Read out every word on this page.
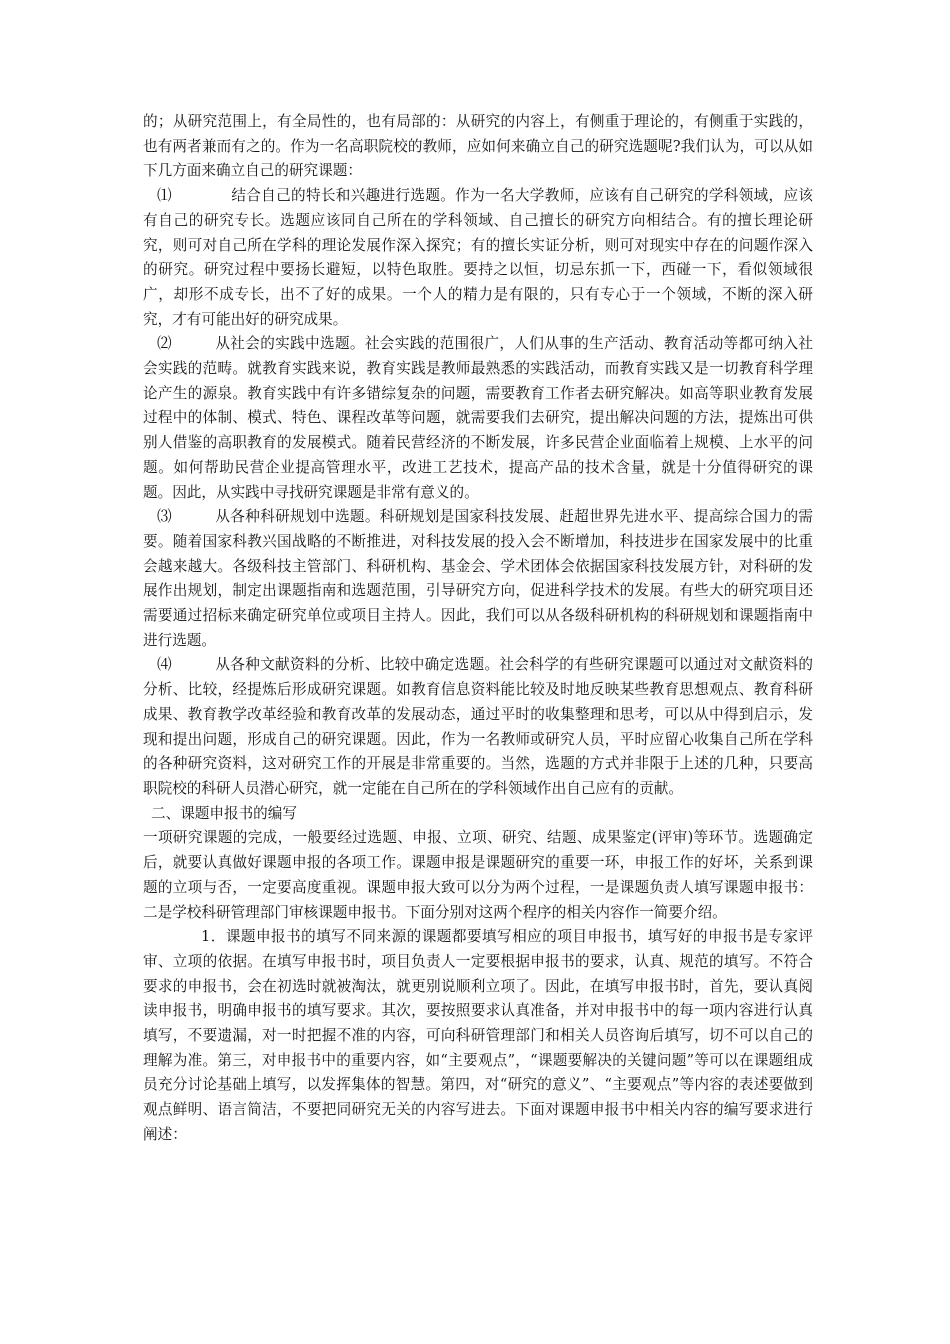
的；从研究范围上，有全局性的，也有局部的：从研究的内容上，有侧重于理论的，有侧重于实践的，也有两者兼而有之的。作为一名高职院校的教师，应如何来确立自己的研究选题呢?我们认为，可以从如下几方面来确立自己的研究课题：

⑴	结合自己的特长和兴趣进行选题。作为一名大学教师，应该有自己研究的学科领域，应该有自己的研究专长。选题应该同自己所在的学科领域、自己擅长的研究方向相结合。有的擅长理论研究，则可对自己所在学科的理论发展作深入探究；有的擅长实证分析，则可对现实中存在的问题作深入的研究。研究过程中要扬长避短，以特色取胜。要持之以恒，切忌东抓一下，西碰一下，看似领域很广，却形不成专长，出不了好的成果。一个人的精力是有限的，只有专心于一个领域，不断的深入研究，才有可能出好的研究成果。

⑵	从社会的实践中选题。社会实践的范围很广，人们从事的生产活动、教育活动等都可纳入社会实践的范畴。就教育实践来说，教育实践是教师最熟悉的实践活动，而教育实践又是一切教育科学理论产生的源泉。教育实践中有许多错综复杂的问题，需要教育工作者去研究解决。如高等职业教育发展过程中的体制、模式、特色、课程改革等问题，就需要我们去研究，提出解决问题的方法，提炼出可供别人借鉴的高职教育的发展模式。随着民营经济的不断发展，许多民营企业面临着上规模、上水平的问题。如何帮助民营企业提高管理水平，改进工艺技术，提高产品的技术含量，就是十分值得研究的课题。因此，从实践中寻找研究课题是非常有意义的。

⑶	从各种科研规划中选题。科研规划是国家科技发展、赶超世界先进水平、提高综合国力的需要。随着国家科教兴国战略的不断推进，对科技发展的投入会不断增加，科技进步在国家发展中的比重会越来越大。各级科技主管部门、科研机构、基金会、学术团体会依据国家科技发展方针，对科研的发展作出规划，制定出课题指南和选题范围，引导研究方向，促进科学技术的发展。有些大的研究项目还需要通过招标来确定研究单位或项目主持人。因此，我们可以从各级科研机构的科研规划和课题指南中进行选题。

⑷	从各种文献资料的分析、比较中确定选题。社会科学的有些研究课题可以通过对文献资料的分析、比较，经提炼后形成研究课题。如教育信息资料能比较及时地反映某些教育思想观点、教育科研成果、教育教学改革经验和教育改革的发展动态，通过平时的收集整理和思考，可以从中得到启示，发现和提出问题，形成自己的研究课题。因此，作为一名教师或研究人员，平时应留心收集自己所在学科的各种研究资料，这对研究工作的开展是非常重要的。当然，选题的方式并非限于上述的几种，只要高职院校的科研人员潜心研究，就一定能在自己所在的学科领域作出自己应有的贡献。

二、课题申报书的编写

一项研究课题的完成，一般要经过选题、申报、立项、研究、结题、成果鉴定(评审)等环节。选题确定后，就要认真做好课题申报的各项工作。课题申报是课题研究的重要一环，申报工作的好坏，关系到课题的立项与否，一定要高度重视。课题申报大致可以分为两个过程，一是课题负责人填写课题申报书：二是学校科研管理部门审核课题申报书。下面分别对这两个程序的相关内容作一简要介绍。

1．课题申报书的填写不同来源的课题都要填写相应的项目申报书，填写好的申报书是专家评审、立项的依据。在填写申报书时，项目负责人一定要根据申报书的要求，认真、规范的填写。不符合要求的申报书，会在初选时就被淘汰，就更别说顺利立项了。因此，在填写申报书时，首先，要认真阅读申报书，明确申报书的填写要求。其次，要按照要求认真准备，并对申报书中的每一项内容进行认真填写，不要遗漏，对一时把握不准的内容，可向科研管理部门和相关人员咨询后填写，切不可以自己的理解为准。第三，对申报书中的重要内容，如“主要观点”，“课题要解决的关键问题”等可以在课题组成员充分讨论基础上填写，以发挥集体的智慧。第四，对“研究的意义”、“主要观点”等内容的表述要做到观点鲜明、语言简洁，不要把同研究无关的内容写进去。下面对课题申报书中相关内容的编写要求进行阐述：
